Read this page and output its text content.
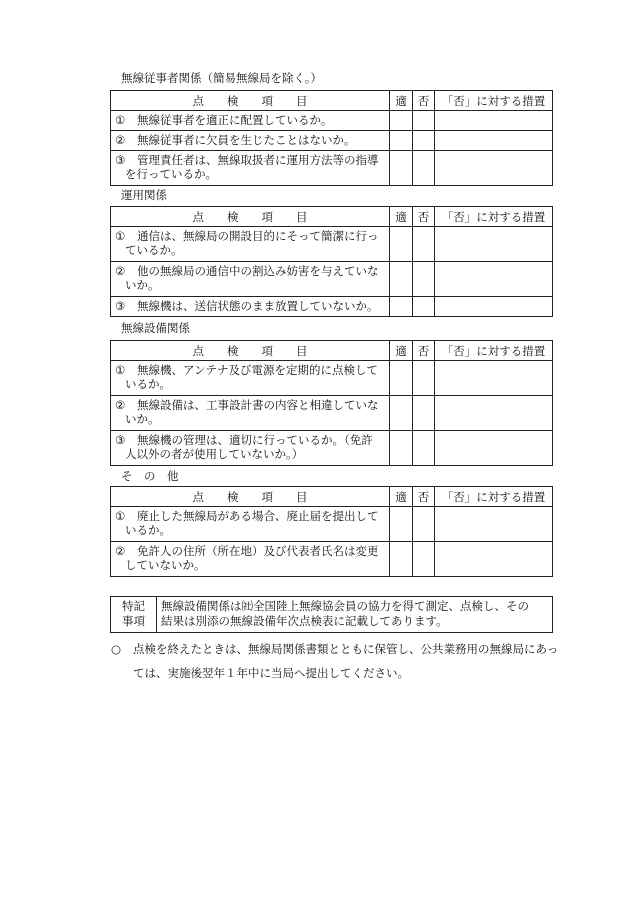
無線従事者関係（簡易無線局を除く。）
点　　検　　項　　目	適	否	「否」に対する措置
① 無線従事者を適正に配置しているか。			
② 無線従事者に欠員を生じたことはないか。			
③ 管理責任者は、無線取扱者に運用方法等の指導
を行っているか。			
運用関係
点　　検　　項　　目	適	否	「否」に対する措置
① 通信は、無線局の開設目的にそって簡潔に行っ
ているか。			
② 他の無線局の通信中の割込み妨害を与えていな
いか。			
③ 無線機は、送信状態のまま放置していないか。			
無線設備関係
点　　検　　項　　目	適	否	「否」に対する措置
① 無線機、アンテナ及び電源を定期的に点検して
いるか。			
② 無線設備は、工事設計書の内容と相違していな
いか。			
③ 無線機の管理は、適切に行っているか。（免許
人以外の者が使用していないか。）			
そ　の　他
点　　検　　項　　目	適	否	「否」に対する措置
① 廃止した無線局がある場合、廃止届を提出して
いるか。			
② 免許人の住所（所在地）及び代表者氏名は変更
していないか。			
特記
事項	無線設備関係は㈳全国陸上無線協会員の協力を得て測定、点検し、その
結果は別添の無線設備年次点検表に記載してあります。
○ 点検を終えたときは、無線局関係書類とともに保管し、公共業務用の無線局にあっ
ては、実施後翌年１年中に当局へ提出してください。
